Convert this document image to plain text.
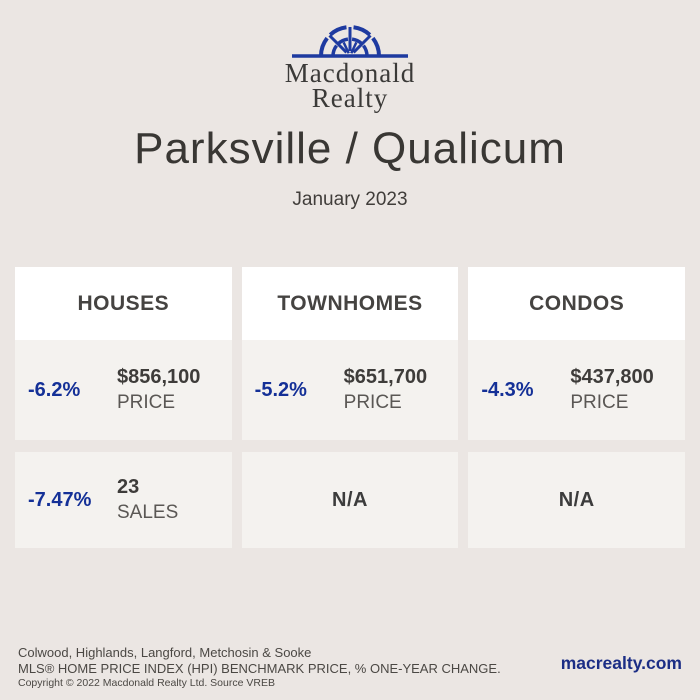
Macdonald
Realty
Parksville / Qualicum
January 2023
HOUSES
-6.2%
$856,100
PRICE
-7.47%
23
SALES
TOWNHOMES
-5.2%
$651,700
PRICE
N/A
CONDOS
-4.3%
$437,800
PRICE
N/A
Colwood, Highlands, Langford, Metchosin & Sooke
MLS® HOME PRICE INDEX (HPI) BENCHMARK PRICE, % ONE-YEAR CHANGE.
Copyright © 2022 Macdonald Realty Ltd. Source VREB
macrealty.com
